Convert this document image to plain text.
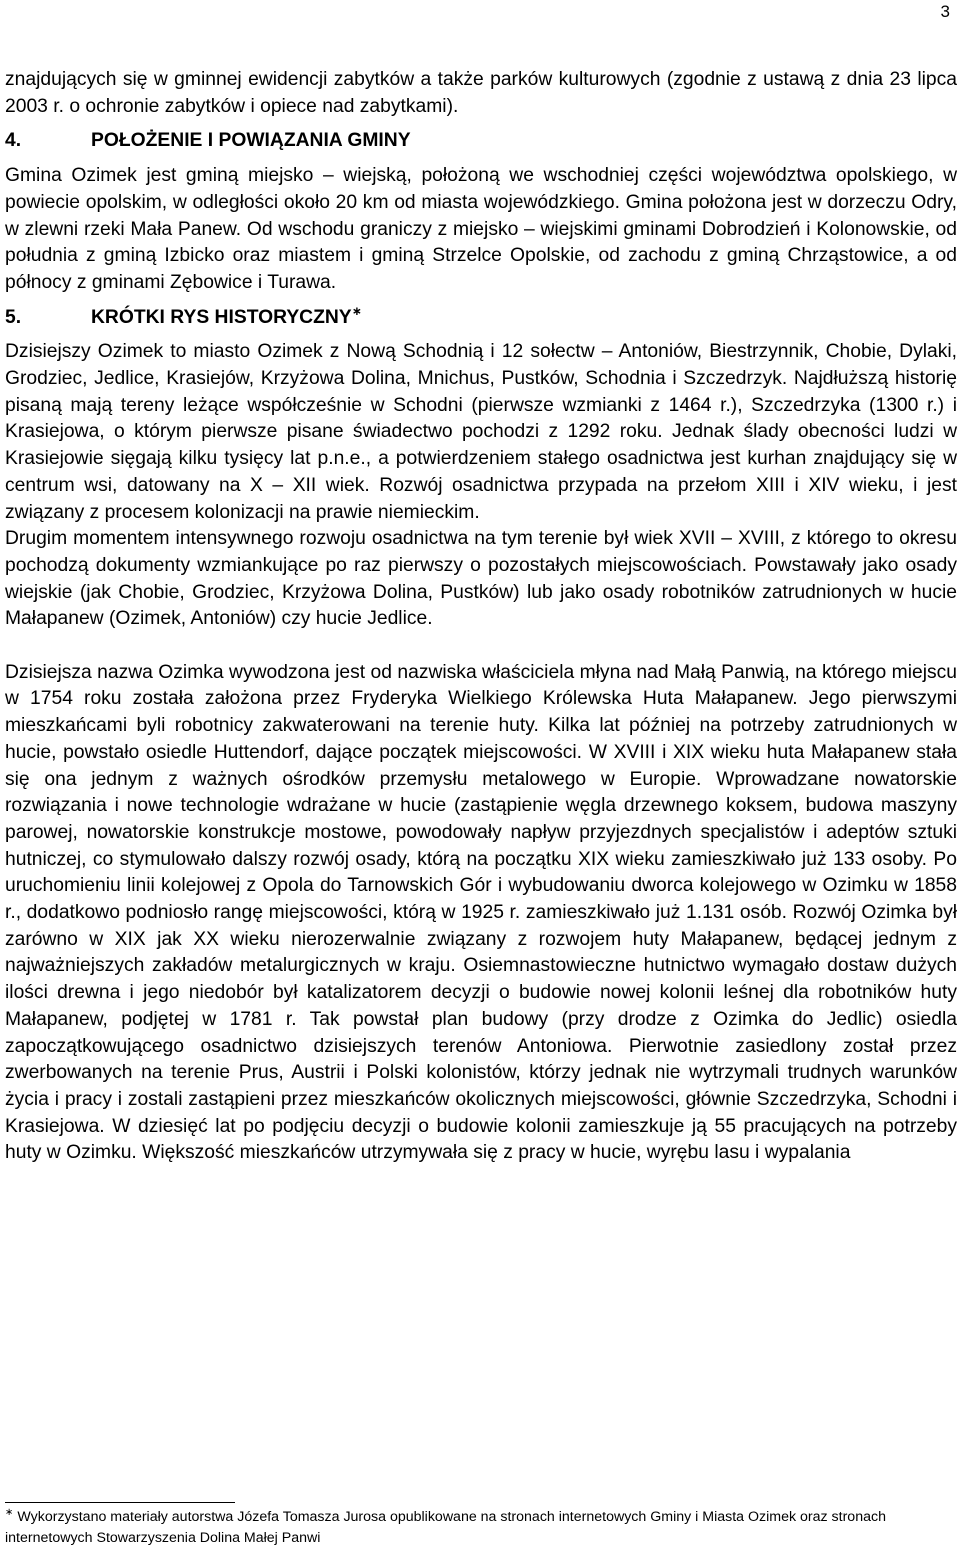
3

znajdujących się w gminnej ewidencji zabytków a także parków kulturowych (zgodnie z ustawą z dnia 23 lipca 2003 r. o ochronie zabytków i opiece nad zabytkami).

4.	POŁOŻENIE I POWIĄZANIA GMINY

Gmina Ozimek jest gminą miejsko – wiejską, położoną we wschodniej części województwa opolskiego, w powiecie opolskim, w odległości około 20 km od miasta wojewódzkiego. Gmina położona jest w dorzeczu Odry, w zlewni rzeki Mała Panew. Od wschodu graniczy z miejsko – wiejskimi gminami Dobrodzień i Kolonowskie, od południa z gminą Izbicko oraz miastem i gminą Strzelce Opolskie, od zachodu z gminą Chrząstowice, a od północy z gminami Zębowice i Turawa.

5.	KRÓTKI RYS HISTORYCZNY∗

Dzisiejszy Ozimek to miasto Ozimek z Nową Schodnią i 12 sołectw – Antoniów, Biestrzynnik, Chobie, Dylaki, Grodziec, Jedlice, Krasiejów, Krzyżowa Dolina, Mnichus, Pustków, Schodnia i Szczedrzyk. Najdłuższą historię pisaną mają tereny leżące współcześnie w Schodni (pierwsze wzmianki z 1464 r.), Szczedrzyka (1300 r.) i Krasiejowa, o którym pierwsze pisane świadectwo pochodzi z 1292 roku. Jednak ślady obecności ludzi w Krasiejowie sięgają kilku tysięcy lat p.n.e., a potwierdzeniem stałego osadnictwa jest kurhan znajdujący się w centrum wsi, datowany na X – XII wiek. Rozwój osadnictwa przypada na przełom XIII i XIV wieku, i jest związany z procesem kolonizacji na prawie niemieckim.

Drugim momentem intensywnego rozwoju osadnictwa na tym terenie był wiek XVII – XVIII, z którego to okresu pochodzą dokumenty wzmiankujące po raz pierwszy o pozostałych miejscowościach. Powstawały jako osady wiejskie (jak Chobie, Grodziec, Krzyżowa Dolina, Pustków) lub jako osady robotników zatrudnionych w hucie Małapanew (Ozimek, Antoniów) czy hucie Jedlice.

Dzisiejsza nazwa Ozimka wywodzona jest od nazwiska właściciela młyna nad Małą Panwią, na którego miejscu w 1754 roku została założona przez Fryderyka Wielkiego Królewska Huta Małapanew. Jego pierwszymi mieszkańcami byli robotnicy zakwaterowani na terenie huty. Kilka lat później na potrzeby zatrudnionych w hucie, powstało osiedle Huttendorf, dające początek miejscowości. W XVIII i XIX wieku huta Małapanew stała się ona jednym z ważnych ośrodków przemysłu metalowego w Europie. Wprowadzane nowatorskie rozwiązania i nowe technologie wdrażane w hucie (zastąpienie węgla drzewnego koksem, budowa maszyny parowej, nowatorskie konstrukcje mostowe, powodowały napływ przyjezdnych specjalistów i adeptów sztuki hutniczej, co stymulowało dalszy rozwój osady, którą na początku XIX wieku zamieszkiwało już 133 osoby. Po uruchomieniu linii kolejowej z Opola do Tarnowskich Gór i wybudowaniu dworca kolejowego w Ozimku w 1858 r., dodatkowo podniosło rangę miejscowości, którą w 1925 r. zamieszkiwało już 1.131 osób. Rozwój Ozimka był zarówno w XIX jak XX wieku nierozerwalnie związany z rozwojem huty Małapanew, będącej jednym z najważniejszych zakładów metalurgicznych w kraju. Osiemnastowieczne hutnictwo wymagało dostaw dużych ilości drewna i jego niedobór był katalizatorem decyzji o budowie nowej kolonii leśnej dla robotników huty Małapanew, podjętej w 1781 r. Tak powstał plan budowy (przy drodze z Ozimka do Jedlic) osiedla zapoczątkowującego osadnictwo dzisiejszych terenów Antoniowa. Pierwotnie zasiedlony został przez zwerbowanych na terenie Prus, Austrii i Polski kolonistów, którzy jednak nie wytrzymali trudnych warunków życia i pracy i zostali zastąpieni przez mieszkańców okolicznych miejscowości, głównie Szczedrzyka, Schodni i Krasiejowa. W dziesięć lat po podjęciu decyzji o budowie kolonii zamieszkuje ją 55 pracujących na potrzeby huty w Ozimku. Większość mieszkańców utrzymywała się z pracy w hucie, wyrębu lasu i wypalania

∗ Wykorzystano materiały autorstwa Józefa Tomasza Jurosa opublikowane na stronach internetowych Gminy i Miasta Ozimek oraz stronach internetowych Stowarzyszenia Dolina Małej Panwi
